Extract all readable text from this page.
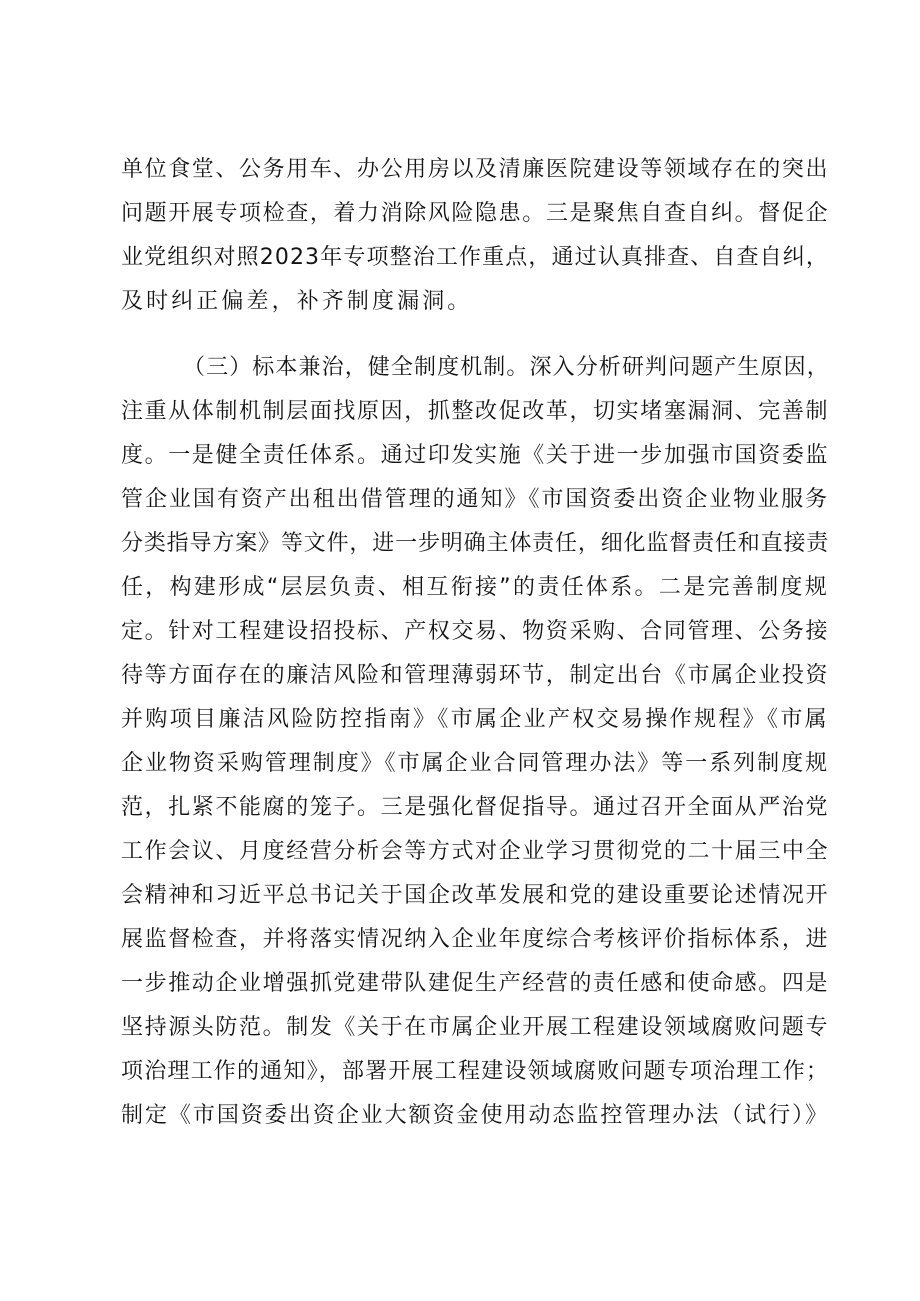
单位食堂、公务用车、办公用房以及清廉医院建设等领域存在的突出
问题开展专项检查，着力消除风险隐患。三是聚焦自查自纠。督促企
业党组织对照2023年专项整治工作重点，通过认真排查、自查自纠，
及时纠正偏差，补齐制度漏洞。
（三）标本兼治，健全制度机制。深入分析研判问题产生原因，
注重从体制机制层面找原因，抓整改促改革，切实堵塞漏洞、完善制
度。一是健全责任体系。通过印发实施《关于进一步加强市国资委监
管企业国有资产出租出借管理的通知》《市国资委出资企业物业服务
分类指导方案》等文件，进一步明确主体责任，细化监督责任和直接责
任，构建形成“层层负责、相互衔接”的责任体系。二是完善制度规
定。针对工程建设招投标、产权交易、物资采购、合同管理、公务接
待等方面存在的廉洁风险和管理薄弱环节，制定出台《市属企业投资
并购项目廉洁风险防控指南》《市属企业产权交易操作规程》《市属
企业物资采购管理制度》《市属企业合同管理办法》等一系列制度规
范，扎紧不能腐的笼子。三是强化督促指导。通过召开全面从严治党
工作会议、月度经营分析会等方式对企业学习贯彻党的二十届三中全
会精神和习近平总书记关于国企改革发展和党的建设重要论述情况开
展监督检查，并将落实情况纳入企业年度综合考核评价指标体系，进
一步推动企业增强抓党建带队建促生产经营的责任感和使命感。四是
坚持源头防范。制发《关于在市属企业开展工程建设领域腐败问题专
项治理工作的通知》，部署开展工程建设领域腐败问题专项治理工作；
制定《市国资委出资企业大额资金使用动态监控管理办法（试行）》
